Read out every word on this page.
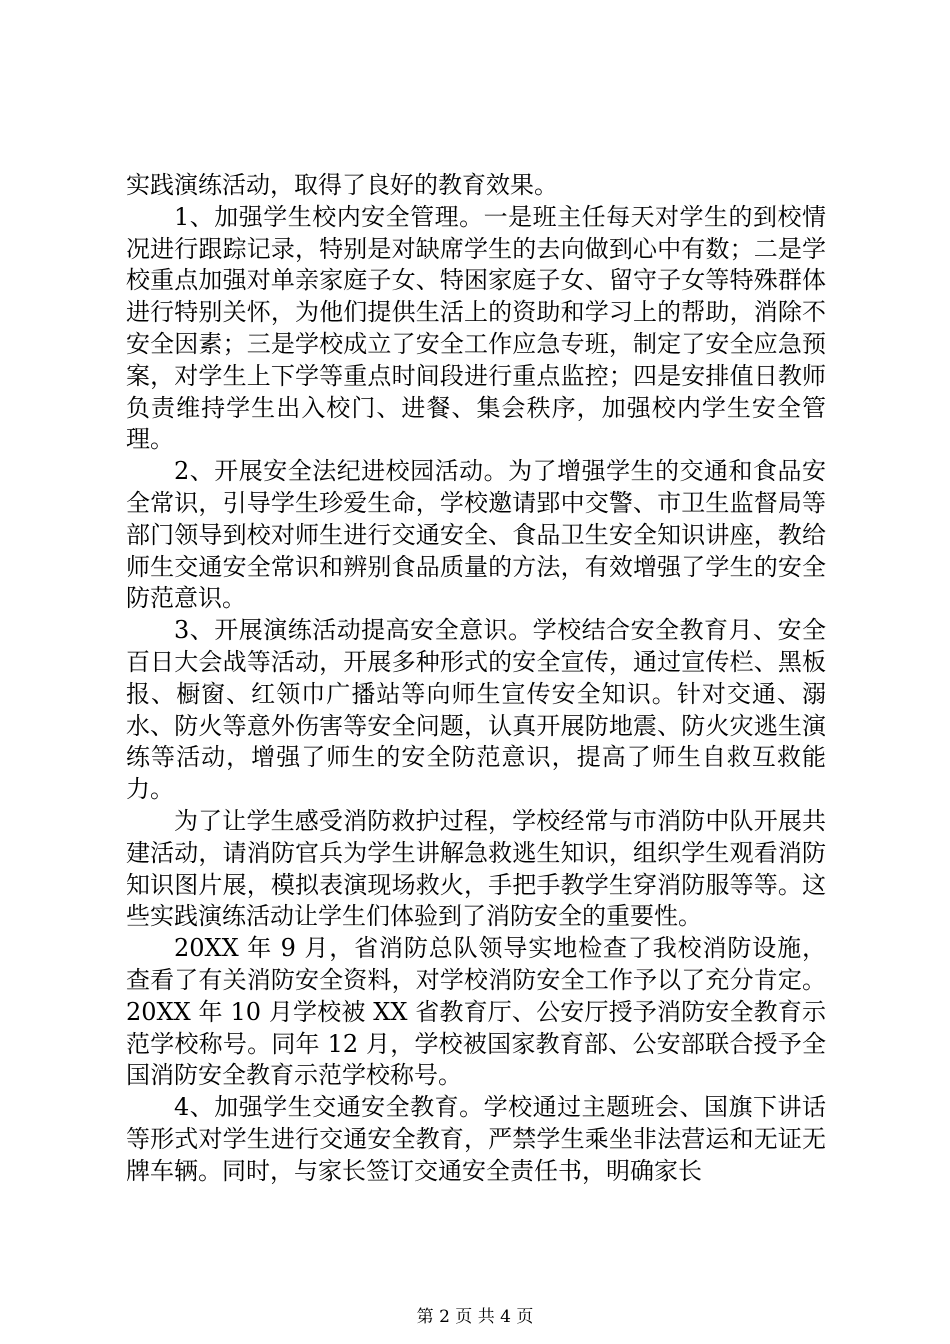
实践演练活动，取得了良好的教育效果。

1、加强学生校内安全管理。一是班主任每天对学生的到校情况进行跟踪记录，特别是对缺席学生的去向做到心中有数；二是学校重点加强对单亲家庭子女、特困家庭子女、留守子女等特殊群体进行特别关怀，为他们提供生活上的资助和学习上的帮助，消除不安全因素；三是学校成立了安全工作应急专班，制定了安全应急预案，对学生上下学等重点时间段进行重点监控；四是安排值日教师负责维持学生出入校门、进餐、集会秩序，加强校内学生安全管理。

2、开展安全法纪进校园活动。为了增强学生的交通和食品安全常识，引导学生珍爱生命，学校邀请郢中交警、市卫生监督局等部门领导到校对师生进行交通安全、食品卫生安全知识讲座，教给师生交通安全常识和辨别食品质量的方法，有效增强了学生的安全防范意识。

3、开展演练活动提高安全意识。学校结合安全教育月、安全百日大会战等活动，开展多种形式的安全宣传，通过宣传栏、黑板报、橱窗、红领巾广播站等向师生宣传安全知识。针对交通、溺水、防火等意外伤害等安全问题，认真开展防地震、防火灾逃生演练等活动，增强了师生的安全防范意识，提高了师生自救互救能力。

为了让学生感受消防救护过程，学校经常与市消防中队开展共建活动，请消防官兵为学生讲解急救逃生知识，组织学生观看消防知识图片展，模拟表演现场救火，手把手教学生穿消防服等等。这些实践演练活动让学生们体验到了消防安全的重要性。

20XX 年 9 月，省消防总队领导实地检查了我校消防设施，查看了有关消防安全资料，对学校消防安全工作予以了充分肯定。20XX 年 10 月学校被 XX 省教育厅、公安厅授予消防安全教育示范学校称号。同年 12 月，学校被国家教育部、公安部联合授予全国消防安全教育示范学校称号。

4、加强学生交通安全教育。学校通过主题班会、国旗下讲话等形式对学生进行交通安全教育，严禁学生乘坐非法营运和无证无牌车辆。同时，与家长签订交通安全责任书，明确家长

第 2 页 共 4 页
